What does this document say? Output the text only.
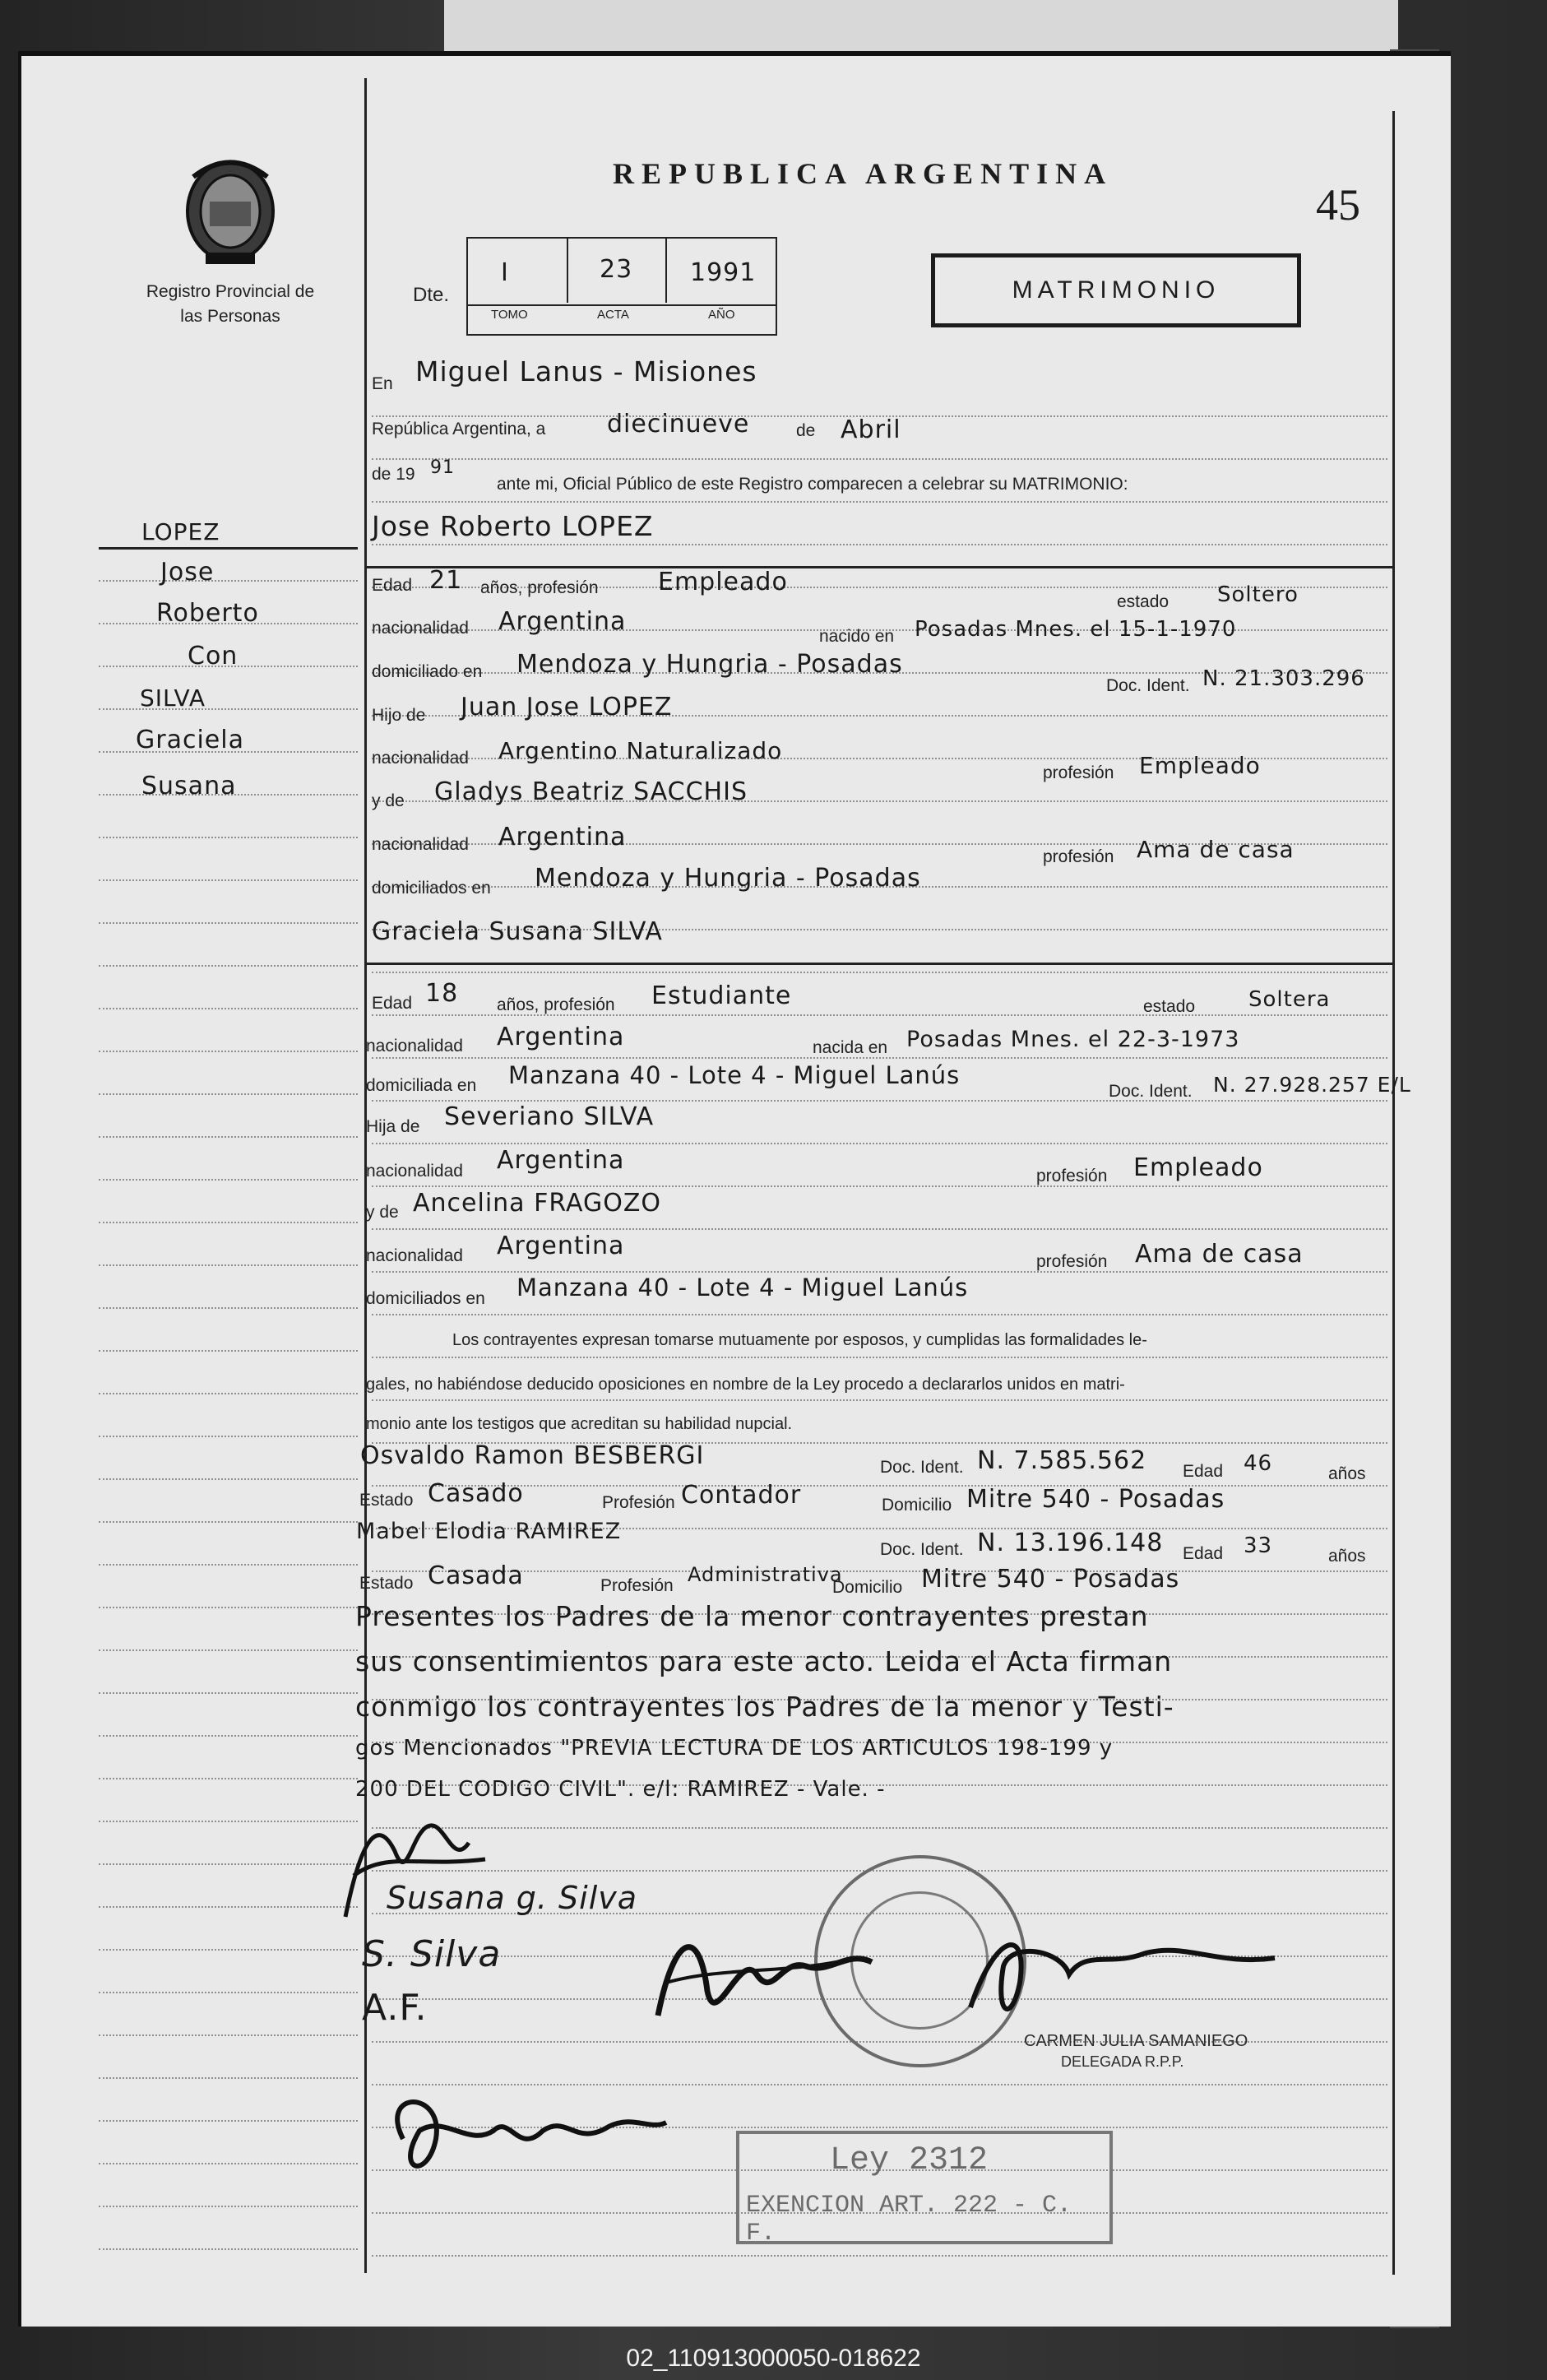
Registro Provincial de las Personas
REPUBLICA ARGENTINA
45
Dte.
I	23 1991
TOMO	ACTA	AÑO
MATRIMONIO
LOPEZ
Jose
Roberto
Con
SILVA
Graciela
Susana
En Miguel Lanus - Misiones
República Argentina, a diecinueve	de Abril
de 19 91
ante mi, Oficial Público de este Registro comparecen a celebrar su MATRIMONIO:
Jose Roberto LOPEZ
Edad 21 años, profesión Empleado
estado Soltero
nacionalidad Argentina
nacido en Posadas Mnes. el 15-1-1970
domiciliado en Mendoza y Hungria - Posadas
Doc. Ident. N. 21.303.296
Hijo de Juan Jose LOPEZ
nacionalidad Argentino Naturalizado
profesión Empleado
y de Gladys Beatriz SACCHIS
nacionalidad Argentina
profesión Ama de casa
domiciliados en Mendoza y Hungria - Posadas
Graciela Susana SILVA
Edad 18 años, profesión Estudiante	estado Soltera
nacionalidad Argentina	nacida en Posadas Mnes. el 22-3-1973
domiciliada en Manzana 40 - Lote 4 - Miguel Lanús
Doc. Ident. N. 27.928.257 E/L
Hija de Severiano SILVA
nacionalidad Argentina
profesión Empleado
y de Ancelina FRAGOZO
nacionalidad Argentina
profesión Ama de casa
domiciliados en Manzana 40 - Lote 4 - Miguel Lanús
Los contrayentes expresan tomarse mutuamente por esposos, y cumplidas las formalidades le-
gales, no habiéndose deducido oposiciones en nombre de la Ley procedo a declararlos unidos en matri-
monio ante los testigos que acreditan su habilidad nupcial.
Osvaldo Ramon BESBERGI	Doc. Ident. N. 7.585.562 Edad 46	años
Estado Casado	Profesión Contador	Domicilio Mitre 540 - Posadas
Mabel Elodia RAMIREZ
Doc. Ident. N. 13.196.148 Edad 33	años
Estado Casada	Profesión Administrativa
Domicilio Mitre 540 - Posadas
Presentes los Padres de la menor contrayentes prestan
sus consentimientos para este acto. Leida el Acta firman
conmigo los contrayentes los Padres de la menor y Testi-
gos Mencionados "PREVIA LECTURA DE LOS ARTICULOS 198-199 y
200 DEL CODIGO CIVIL". e/l: RAMIREZ - Vale. -
Susana g. Silva
S. Silva
A.F.
CARMEN JULIA SAMANIEGO
DELEGADA R.P.P.
Ley 2312
EXENCION ART. 222 - C. F.
02_110913000050-018622
